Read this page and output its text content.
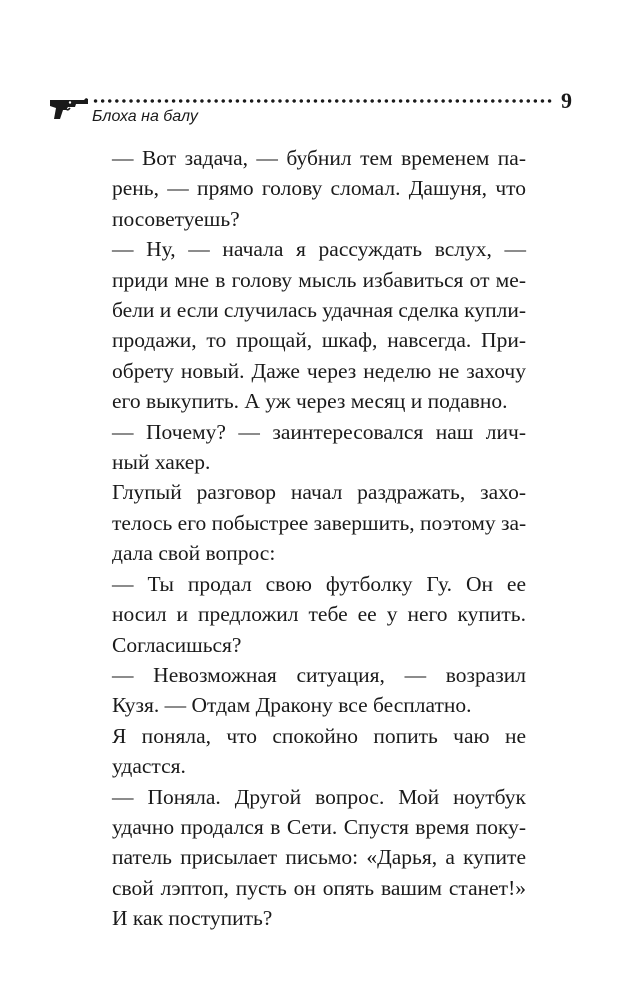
9
Блоха на балу
— Вот задача, — бубнил тем временем па-
рень, — прямо голову сломал. Дашуня, что
посоветуешь?
— Ну, — начала я рассуждать вслух, —
приди мне в голову мысль избавиться от ме-
бели и если случилась удачная сделка купли-
продажи, то прощай, шкаф, навсегда. При-
обрету новый. Даже через неделю не захочу
его выкупить. А уж через месяц и подавно.
— Почему? — заинтересовался наш лич-
ный хакер.
Глупый разговор начал раздражать, захо-
телось его побыстрее завершить, поэтому за-
дала свой вопрос:
— Ты продал свою футболку Гу. Он ее
носил и предложил тебе ее у него купить.
Согласишься?
— Невозможная ситуация, — возразил
Кузя. — Отдам Дракону все бесплатно.
Я поняла, что спокойно попить чаю не
удастся.
— Поняла. Другой вопрос. Мой ноутбук
удачно продался в Сети. Спустя время поку-
патель присылает письмо: «Дарья, а купите
свой лэптоп, пусть он опять вашим станет!»
И как поступить?
